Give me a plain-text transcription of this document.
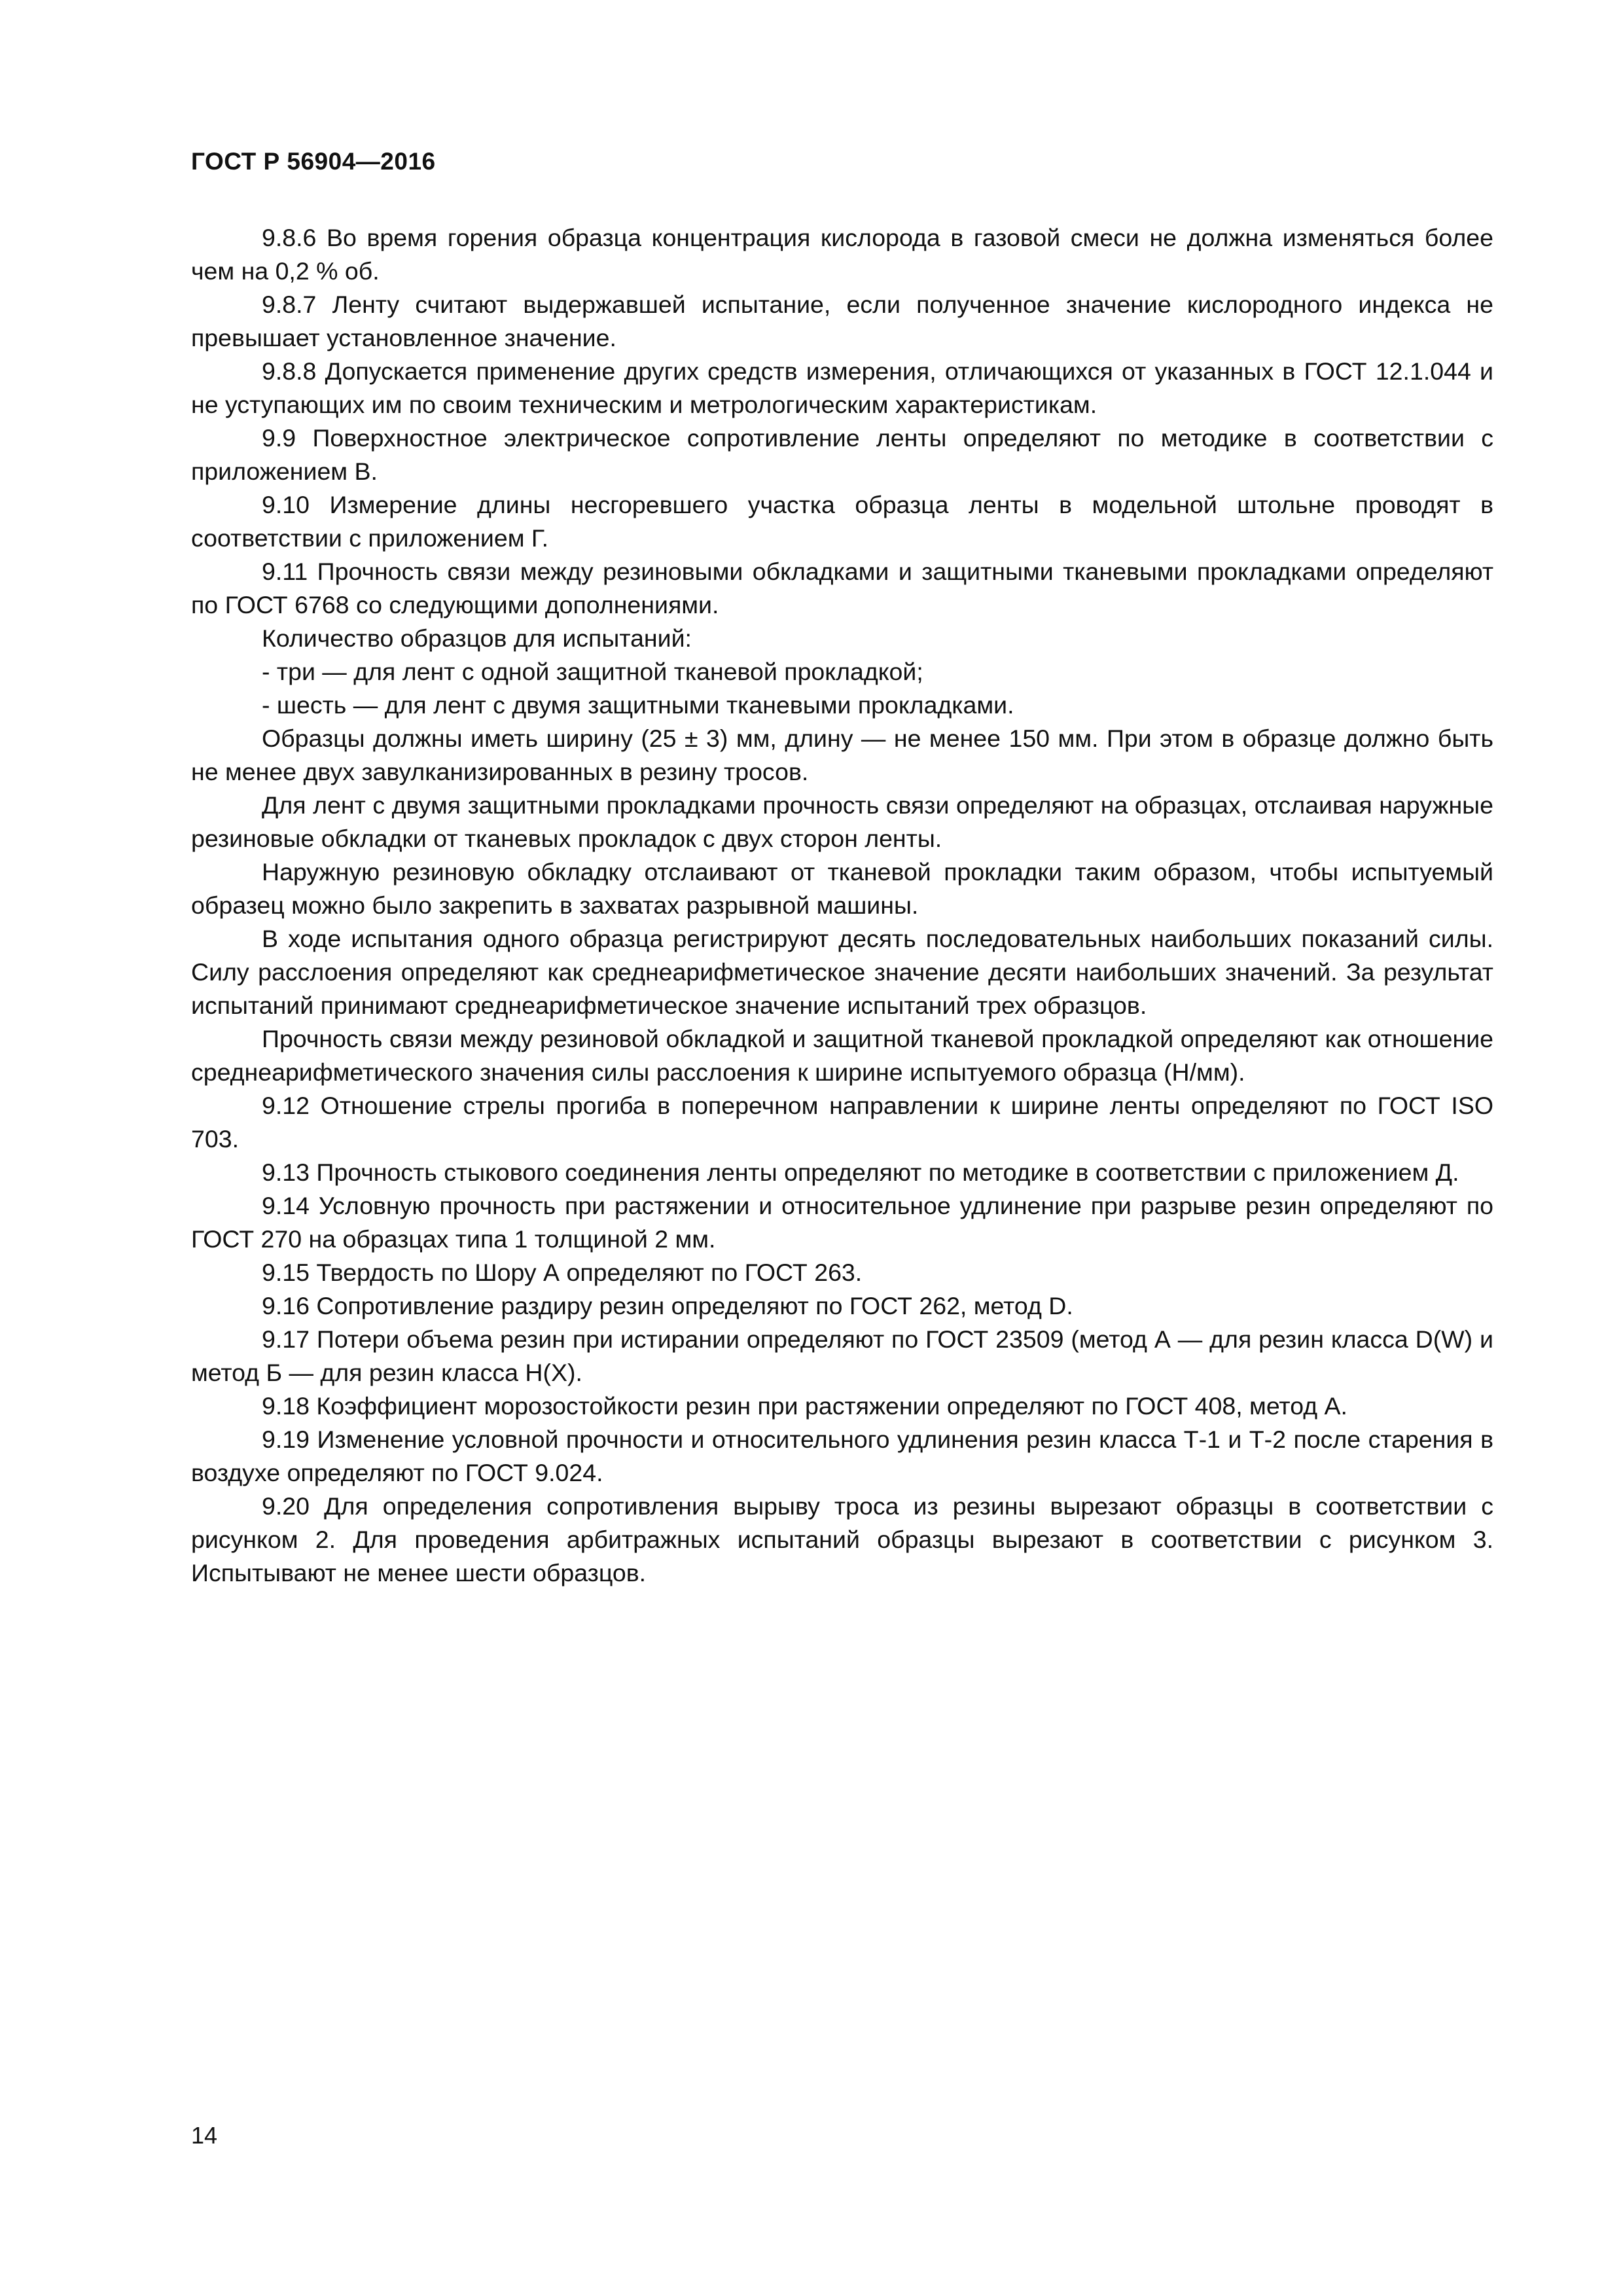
ГОСТ Р 56904—2016

9.8.6 Во время горения образца концентрация кислорода в газовой смеси не должна изменяться более чем на 0,2 % об.

9.8.7 Ленту считают выдержавшей испытание, если полученное значение кислородного индекса не превышает установленное значение.

9.8.8 Допускается применение других средств измерения, отличающихся от указанных в ГОСТ 12.1.044 и не уступающих им по своим техническим и метрологическим характеристикам.

9.9 Поверхностное электрическое сопротивление ленты определяют по методике в соответствии с приложением В.

9.10 Измерение длины несгоревшего участка образца ленты в модельной штольне проводят в соответствии с приложением Г.

9.11 Прочность связи между резиновыми обкладками и защитными тканевыми прокладками определяют по ГОСТ 6768 со следующими дополнениями.

Количество образцов для испытаний:

- три — для лент с одной защитной тканевой прокладкой;

- шесть — для лент с двумя защитными тканевыми прокладками.

Образцы должны иметь ширину (25 ± 3) мм, длину — не менее 150 мм. При этом в образце должно быть не менее двух завулканизированных в резину тросов.

Для лент с двумя защитными прокладками прочность связи определяют на образцах, отслаивая наружные резиновые обкладки от тканевых прокладок с двух сторон ленты.

Наружную резиновую обкладку отслаивают от тканевой прокладки таким образом, чтобы испытуемый образец можно было закрепить в захватах разрывной машины.

В ходе испытания одного образца регистрируют десять последовательных наибольших показаний силы. Силу расслоения определяют как среднеарифметическое значение десяти наибольших значений. За результат испытаний принимают среднеарифметическое значение испытаний трех образцов.

Прочность связи между резиновой обкладкой и защитной тканевой прокладкой определяют как отношение среднеарифметического значения силы расслоения к ширине испытуемого образца (Н/мм).

9.12 Отношение стрелы прогиба в поперечном направлении к ширине ленты определяют по ГОСТ ISO 703.

9.13 Прочность стыкового соединения ленты определяют по методике в соответствии с приложением Д.

9.14 Условную прочность при растяжении и относительное удлинение при разрыве резин определяют по ГОСТ 270 на образцах типа 1 толщиной 2 мм.

9.15 Твердость по Шору А определяют по ГОСТ 263.

9.16 Сопротивление раздиру резин определяют по ГОСТ 262, метод D.

9.17 Потери объема резин при истирании определяют по ГОСТ 23509 (метод А — для резин класса D(W) и метод Б — для резин класса Н(Х).

9.18 Коэффициент морозостойкости резин при растяжении определяют по ГОСТ 408, метод А.

9.19 Изменение условной прочности и относительного удлинения резин класса Т-1 и Т-2 после старения в воздухе определяют по ГОСТ 9.024.

9.20 Для определения сопротивления вырыву троса из резины вырезают образцы в соответствии с рисунком 2. Для проведения арбитражных испытаний образцы вырезают в соответствии с рисунком 3. Испытывают не менее шести образцов.

14
